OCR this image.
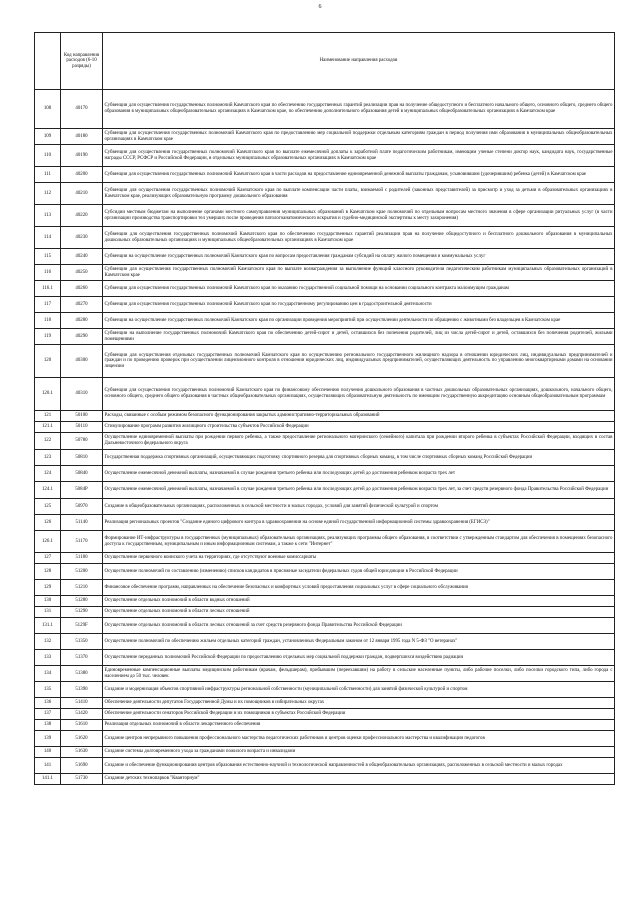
6
	Код направления расходов (6-10 разряды)	Наименование направления расходов
108	40170	Субвенции для осуществления государственных полномочий Камчатского края по обеспечению государственных гарантий реализации прав на получение общедоступного и бесплатного начального общего, основного общего, среднего общего образования в муниципальных общеобразовательных организациях в Камчатском крае, по обеспечению дополнительного образования детей в муниципальных общеобразовательных организациях в Камчатском крае
109	40180	Субвенции для осуществления государственных полномочий Камчатского края по предоставлению мер социальной поддержки отдельным категориям граждан в период получения ими образования в муниципальных общеобразовательных организациях в Камчатском крае
110	40190	Субвенции для осуществления государственных полномочий Камчатского края по выплате ежемесячной доплаты к заработной плате педагогическим работникам, имеющим ученые степени доктор наук, кандидата наук, государственные награды СССР, РСФСР и Российской Федерации, в отдельных муниципальных образовательных организациях в Камчатском крае
111	40200	Субвенции для осуществления государственных полномочий Камчатского края в части расходов на предоставление единовременной денежной выплаты гражданам, усыновившим (удочерившим) ребенка (детей) в Камчатском крае
112	40210	Субвенции для осуществления государственных полномочий Камчатского края по выплате компенсации части платы, взимаемой с родителей (законных представителей) за присмотр и уход за детьми в образовательных организациях в Камчатском крае, реализующих образовательную программу дошкольного образования
113	40220	Субсидии местным бюджетам на выполнение органами местного самоуправления муниципальных образований в Камчатском крае полномочий по отдельным вопросам местного значения в сфере организации ритуальных услуг (в части организации производства транспортировки тел умерших после проведения патологоанатомического вскрытия и судебно-медицинской экспертизы к месту захоронения)
114	40230	Субвенции для осуществления государственных полномочий Камчатского края по обеспечению государственных гарантий реализации прав на получение общедоступного и бесплатного дошкольного образования в муниципальных дошкольных образовательных организациях и муниципальных общеобразовательных организациях в Камчатском крае
115	40240	Субвенции на осуществление государственных полномочий Камчатского края по вопросам предоставления гражданам субсидий на оплату жилого помещения и коммунальных услуг
116	40250	Субвенции для осуществления государственных полномочий Камчатского края по выплате вознаграждения за выполнение функций классного руководителя педагогическим работникам муниципальных образовательных организаций в Камчатском крае
116.1	40260	Субвенции для осуществления государственных полномочий Камчатского края по оказанию государственной социальной помощи на основании социального контракта малоимущим гражданам
117	40270	Субвенции для осуществления государственных полномочий Камчатского края по государственному регулированию цен в градостроительной деятельности
118	40280	Субвенции на осуществление государственных полномочий Камчатского края по организации проведения мероприятий при осуществлении деятельности по обращению с животными без владельцев в Камчатском крае
119	40290	Субвенции на выполнение государственных полномочий Камчатского края по обеспечению детей-сирот и детей, оставшихся без попечения родителей, лиц из числа детей-сирот и детей, оставшихся без попечения родителей, жилыми помещениями
120	40300	Субвенции для осуществления отдельных государственных полномочий Камчатского края по осуществлению регионального государственного жилищного надзора в отношении юридических лиц, индивидуальных предпринимателей и граждан и по проведению проверок при осуществлении лицензионного контроля в отношении юридических лиц, индивидуальных предпринимателей, осуществляющих деятельность по управлению многоквартирными домами на основании лицензии
120.1	40310	Субвенции для осуществления государственных полномочий Камчатского края по финансовому обеспечению получения дошкольного образования в частных дошкольных образовательных организациях, дошкольного, начального общего, основного общего, среднего общего образования в частных общеобразовательных организациях, осуществляющих образовательную деятельность по имеющим государственную аккредитацию основным общеобразовательным программам
121	50100	Расходы, связанные с особым режимом безопасного функционирования закрытых административно-территориальных образований
121.1	50110	Стимулирование программ развития жилищного строительства субъектов Российской Федерации
122	50780	Осуществление единовременной выплаты при рождении первого ребенка, а также предоставление регионального материнского (семейного) капитала при рождении второго ребенка в субъектах Российской Федерации, входящих в состав Дальневосточного федерального округа
123	50810	Государственная поддержка спортивных организаций, осуществляющих подготовку спортивного резерва для спортивных сборных команд, в том числе спортивных сборных команд Российской Федерации
124	50840	Осуществление ежемесячной денежной выплаты, назначаемой в случае рождения третьего ребенка или последующих детей до достижения ребенком возраста трех лет
124.1	5084P	Осуществление ежемесячной денежной выплаты, назначаемой в случае рождения третьего ребенка или последующих детей до достижения ребенком возраста трех лет, за счет средств резервного фонда Правительства Российской Федерации
125	50970	Создание в общеобразовательных организациях, расположенных в сельской местности и малых городах, условий для занятий физической культурой и спортом
126	51140	Реализация региональных проектов "Создание единого цифрового контура в здравоохранении на основе единой государственной информационной системы здравоохранения (ЕГИСЗ)"
126.1	51170	Формирование ИТ-инфраструктуры в государственных (муниципальных) образовательных организациях, реализующих программы общего образования, в соответствии с утвержденным стандартом для обеспечения в помещениях безопасного доступа к государственным, муниципальным и иным информационным системам, а также к сети "Интернет"
127	51180	Осуществление первичного воинского учета на территориях, где отсутствуют военные комиссариаты
128	51200	Осуществление полномочий по составлению (изменению) списков кандидатов в присяжные заседатели федеральных судов общей юрисдикции в Российской Федерации
129	51210	Финансовое обеспечение программ, направленных на обеспечение безопасных и комфортных условий предоставления социальных услуг в сфере социального обслуживания
130	51280	Осуществление отдельных полномочий в области водных отношений
131	51290	Осуществление отдельных полномочий в области лесных отношений
131.1	5129F	Осуществление отдельных полномочий в области лесных отношений за счет средств резервного фонда Правительства Российской Федерации
132	51350	Осуществление полномочий по обеспечению жильем отдельных категорий граждан, установленных Федеральным законом от 12 января 1995 года N 5-ФЗ "О ветеранах"
133	51370	Осуществление переданных полномочий Российской Федерации по предоставлению отдельных мер социальной поддержки граждан, подвергшихся воздействию радиации
134	51380	Единовременные компенсационные выплаты медицинским работникам (врачам, фельдшерам), прибывшим (переехавшим) на работу в сельские населенные пункты, либо рабочие поселки, либо поселки городского типа, либо города с населением до 50 тыс. человек
135	51390	Создание и модернизация объектов спортивной инфраструктуры региональной собственности (муниципальной собственности) для занятий физической культурой и спортом
136	51410	Обеспечение деятельности депутатов Государственной Думы и их помощников в избирательных округах
137	51420	Обеспечение деятельности сенаторов Российской Федерации и их помощников в субъектах Российской Федерации
138	51610	Реализация отдельных полномочий в области лекарственного обеспечения
139	51620	Создание центров непрерывного повышения профессионального мастерства педагогических работников и центров оценки профессионального мастерства и квалификации педагогов
140	51630	Создание системы долговременного ухода за гражданами пожилого возраста и инвалидами
141	51690	Создание и обеспечение функционирования центров образования естественно-научной и технологической направленностей в общеобразовательных организациях, расположенных в сельской местности и малых городах
141.1	51730	Создание детских технопарков "Кванториум"
